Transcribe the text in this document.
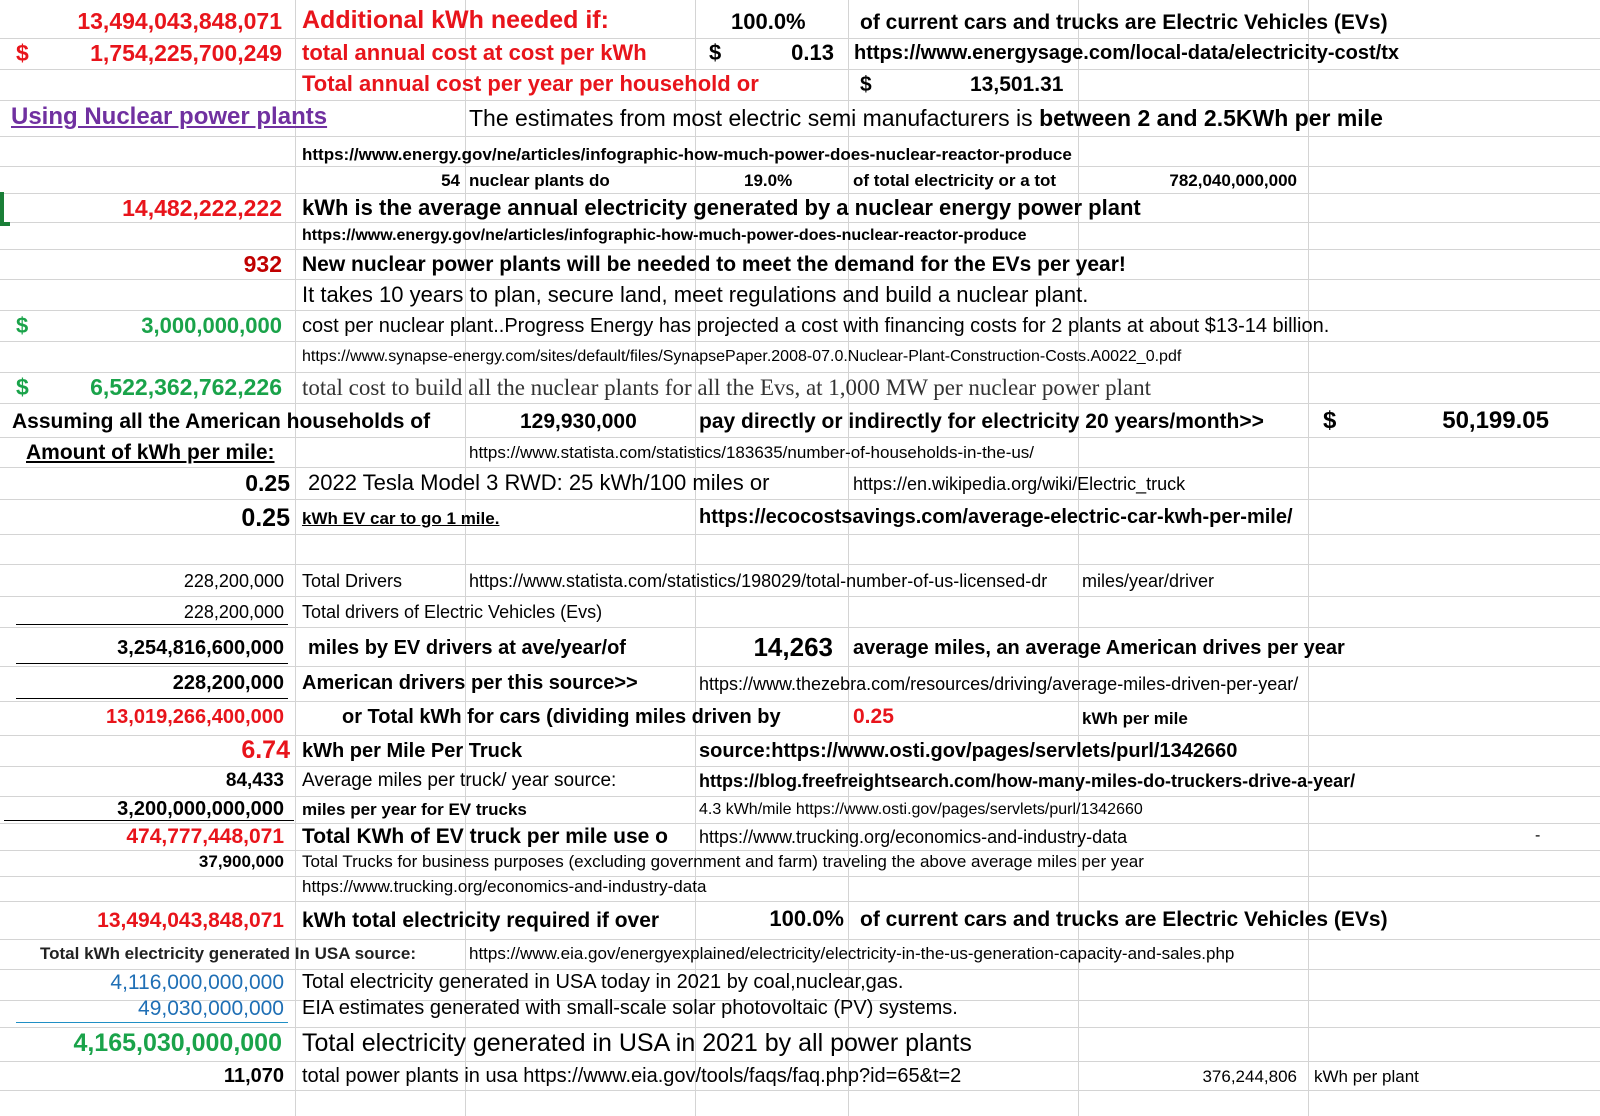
13,494,043,848,071 Additional kWh needed if:	100.0%	of current cars and trucks are Electric Vehicles (EVs)
$	1,754,225,700,249 total annual cost at cost per kWh	$	0.13 https://www.energysage.com/local-data/electricity-cost/tx
Total annual cost per year per household or	$	13,501.31
Using Nuclear power plants	The estimates from most electric semi manufacturers is between 2 and 2.5KWh per mile
https://www.energy.gov/ne/articles/infographic-how-much-power-does-nuclear-reactor-produce
54 nuclear plants do	19.0%	of total electricity or a tot	782,040,000,000
14,482,222,222 kWh is the average annual electricity generated by a nuclear energy power plant
https://www.energy.gov/ne/articles/infographic-how-much-power-does-nuclear-reactor-produce
932 New nuclear power plants will be needed to meet the demand for the EVs per year!
It takes 10 years to plan, secure land, meet regulations and build a nuclear plant.
$	3,000,000,000 cost per nuclear plant..Progress Energy has projected a cost with financing costs for 2 plants at about $13-14 billion.
https://www.synapse-energy.com/sites/default/files/SynapsePaper.2008-07.0.Nuclear-Plant-Construction-Costs.A0022_0.pdf
$	6,522,362,762,226 total cost to build all the nuclear plants for all the Evs, at 1,000 MW per nuclear power plant
Assuming all the American households of	129,930,000	pay directly or indirectly for electricity 20 years/month>> $	50,199.05
Amount of kWh per mile:	https://www.statista.com/statistics/183635/number-of-households-in-the-us/
0.25 2022 Tesla Model 3 RWD: 25 kWh/100 miles or	https://en.wikipedia.org/wiki/Electric_truck
0.25 kWh EV car to go 1 mile.	https://ecocostsavings.com/average-electric-car-kwh-per-mile/
228,200,000 Total Drivers	https://www.statista.com/statistics/198029/total-number-of-us-licensed-dr	miles/year/driver
228,200,000 Total drivers of Electric Vehicles (Evs)
3,254,816,600,000 miles by EV drivers at ave/year/of	14,263 average miles, an average American drives per year
228,200,000 American drivers per this source>>	https://www.thezebra.com/resources/driving/average-miles-driven-per-year/
13,019,266,400,000	or Total kWh for cars (dividing miles driven by	0.25	kWh per mile
6.74 kWh per Mile Per Truck	source:https://www.osti.gov/pages/servlets/purl/1342660
84,433 Average miles per truck/ year source:	https://blog.freefreightsearch.com/how-many-miles-do-truckers-drive-a-year/
3,200,000,000,000 miles per year for EV trucks	4.3 kWh/mile https://www.osti.gov/pages/servlets/purl/1342660
474,777,448,071 Total KWh of EV truck per mile use o	https://www.trucking.org/economics-and-industry-data	-
37,900,000 Total Trucks for business purposes (excluding government and farm) traveling the above average miles per year
https://www.trucking.org/economics-and-industry-data
13,494,043,848,071 kWh total electricity required if over	100.0% of current cars and trucks are Electric Vehicles (EVs)
Total kWh electricity generated In USA source:	https://www.eia.gov/energyexplained/electricity/electricity-in-the-us-generation-capacity-and-sales.php
4,116,000,000,000 Total electricity generated in USA today in 2021 by coal,nuclear,gas.
49,030,000,000 EIA estimates generated with small-scale solar photovoltaic (PV) systems.
4,165,030,000,000 Total electricity generated in USA in 2021 by all power plants
11,070 total power plants in usa https://www.eia.gov/tools/faqs/faq.php?id=65&t=2	376,244,806 kWh per plant
